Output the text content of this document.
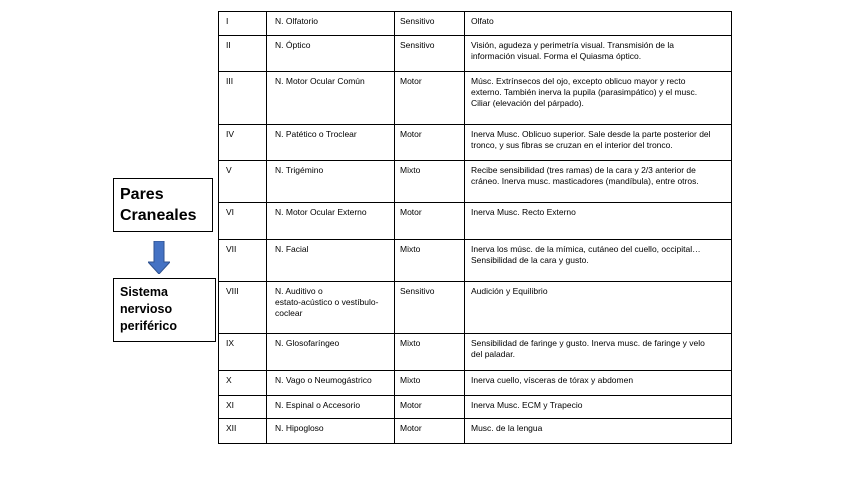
Pares
Craneales
Sistema
nervioso
periférico
I	N. Olfatorio	Sensitivo	Olfato

II	N. Óptico	Sensitivo	Visión, agudeza y perimetría visual. Transmisión de la
información visual. Forma el Quiasma óptico.

III	N. Motor Ocular Común	Motor	Músc. Extrínsecos del ojo, excepto oblicuo mayor y recto
externo. También inerva la pupila (parasimpático) y el musc.
Ciliar (elevación del párpado).

IV	N. Patético o Troclear	Motor	Inerva Musc. Oblicuo superior. Sale desde la parte posterior del
tronco, y sus fibras se cruzan en el interior del tronco.

V	N. Trigémino	Mixto	Recibe sensibilidad (tres ramas) de la cara y 2/3 anterior de
cráneo. Inerva musc. masticadores (mandíbula), entre otros.

VI	N. Motor Ocular Externo	Motor	Inerva Musc. Recto Externo

VII	N. Facial	Mixto	Inerva los músc. de la mímica, cutáneo del cuello, occipital…
Sensibilidad de la cara y gusto.

VIII	N. Auditivo o
estato-acústico o vestíbulo-
coclear	Sensitivo	Audición y Equilibrio

IX	N. Glosofaríngeo	Mixto	Sensibilidad de faringe y gusto. Inerva musc. de faringe y velo
del paladar.

X	N. Vago o Neumogástrico	Mixto	Inerva cuello, vísceras de tórax y abdomen

XI	N. Espinal o Accesorio	Motor	Inerva Musc. ECM y Trapecio

XII	N. Hipogloso	Motor	Musc. de la lengua
